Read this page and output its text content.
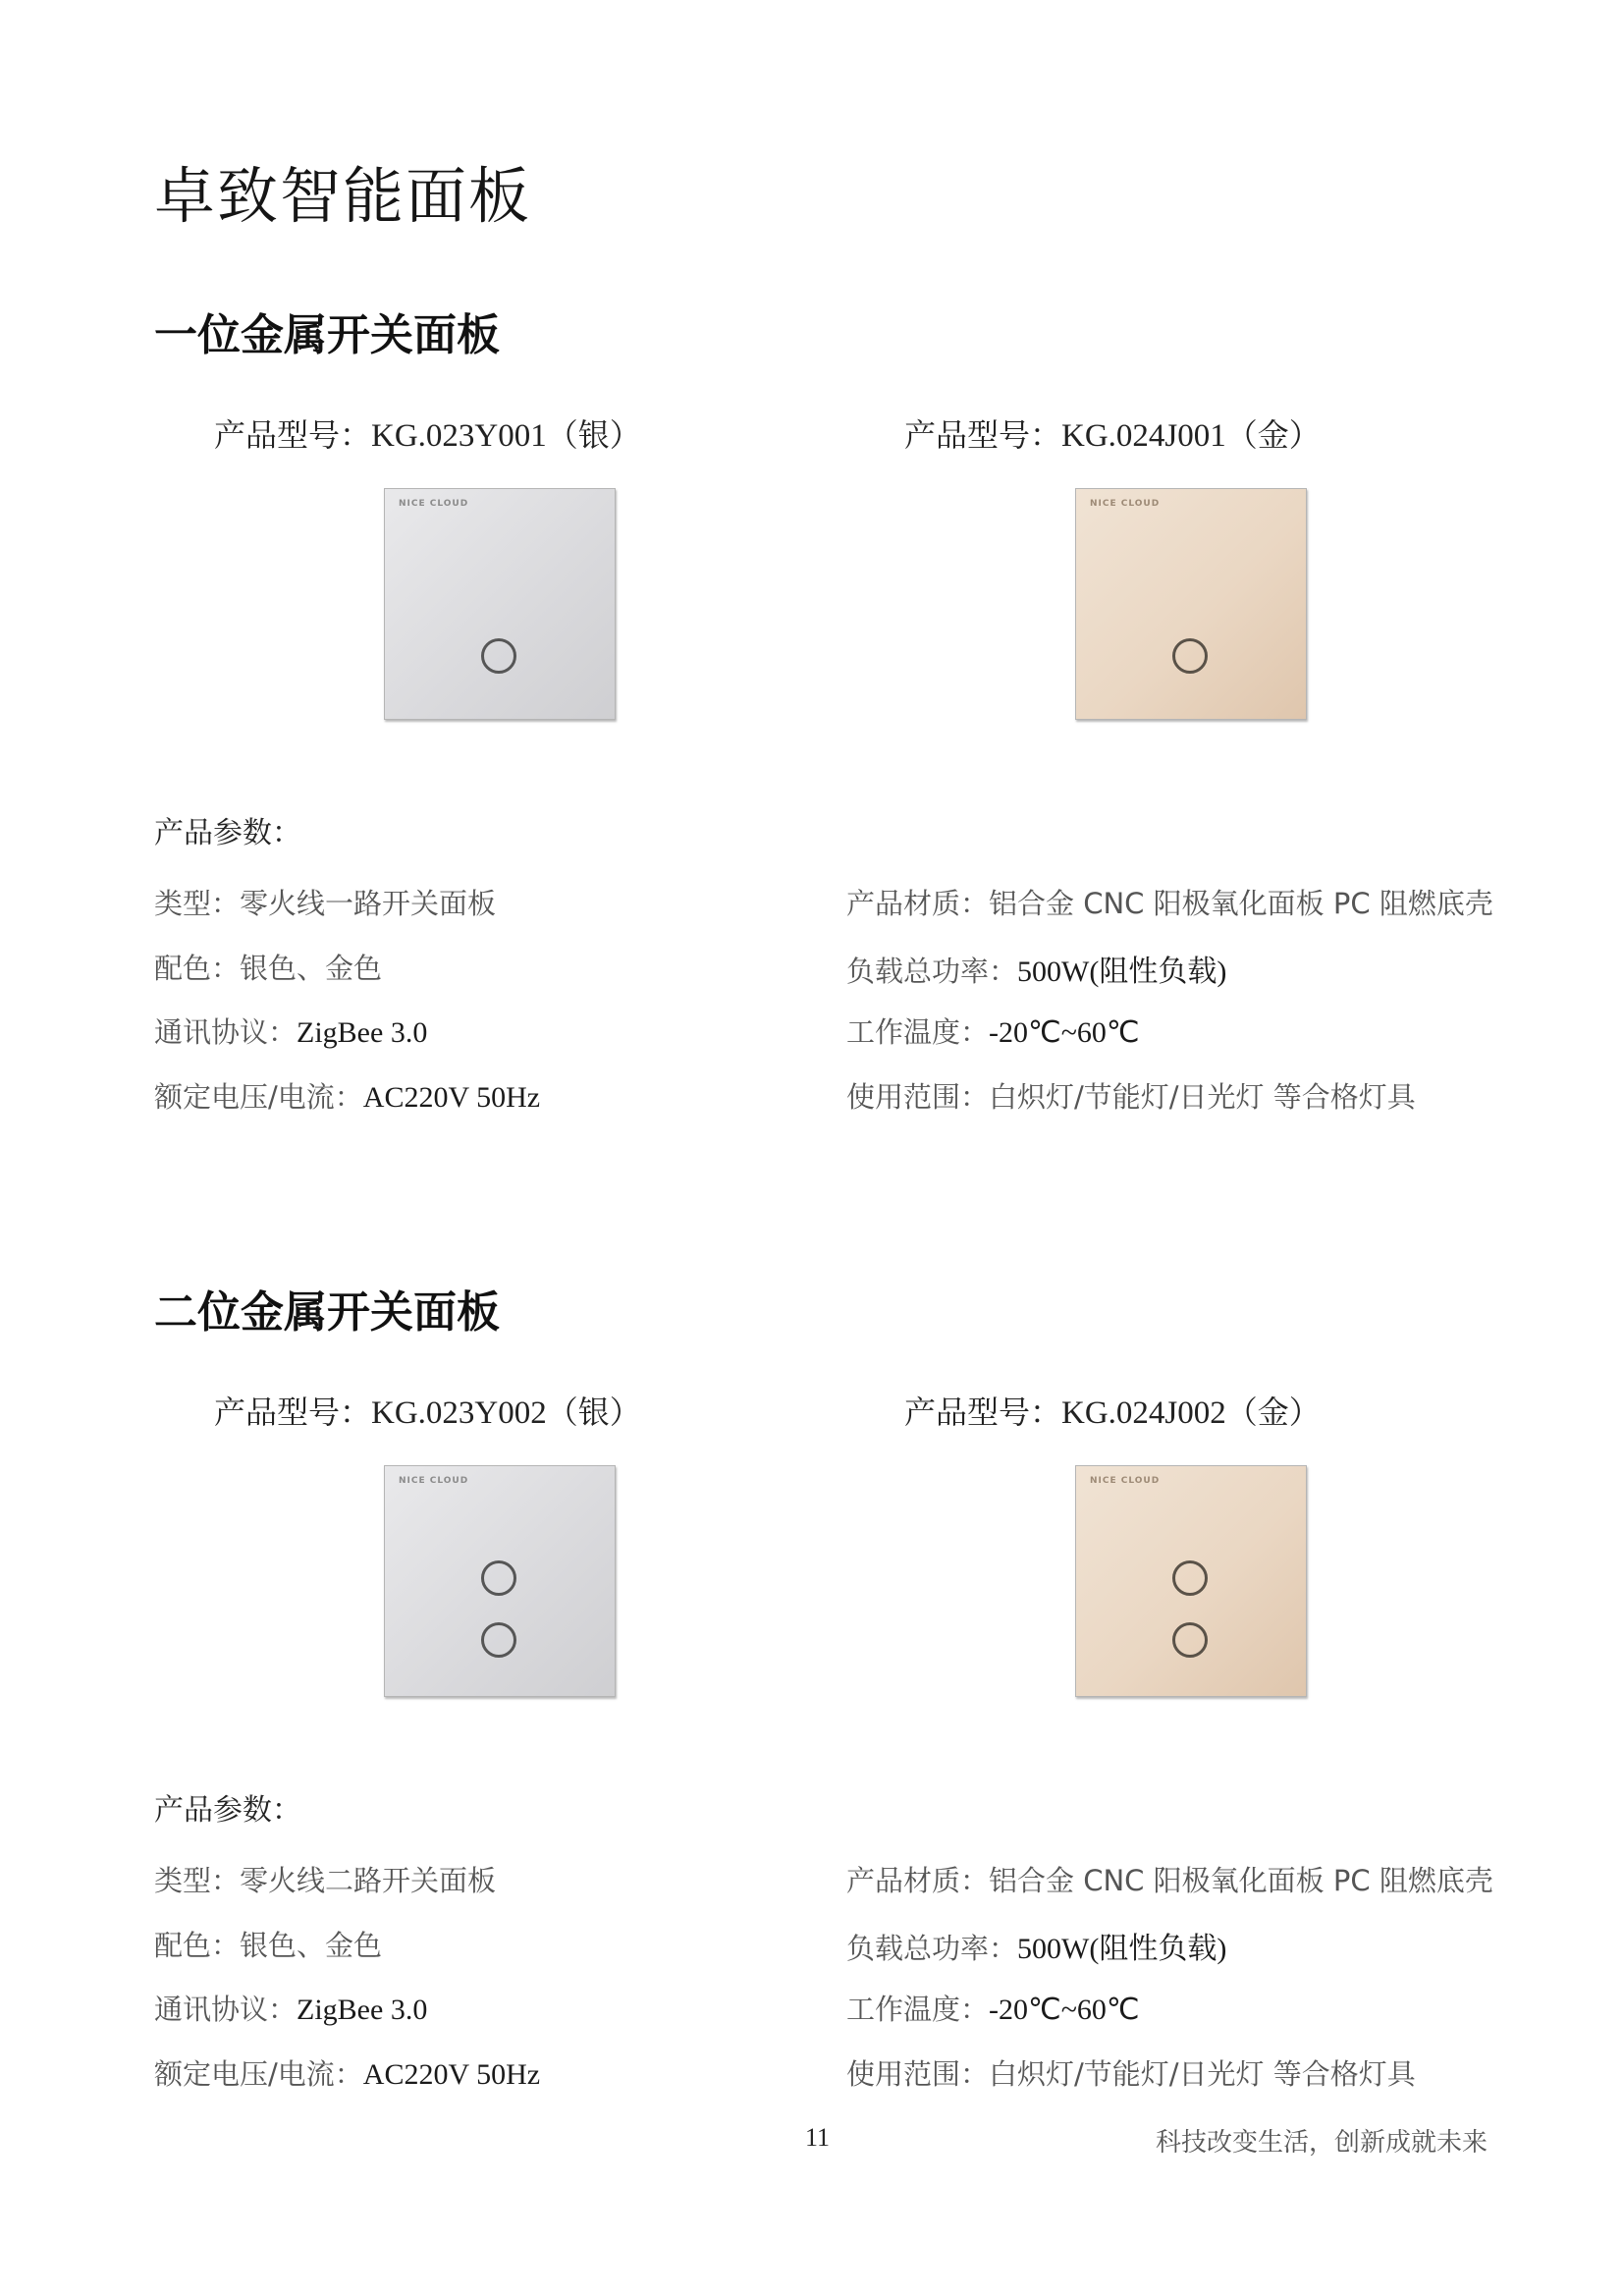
卓致智能面板
一位金属开关面板
产品型号：KG.023Y001（银）	产品型号：KG.024J001（金）
NICE CLOUD	NICE CLOUD
产品参数：
类型：零火线一路开关面板
配色：银色、金色
通讯协议：ZigBee 3.0
额定电压/电流：AC220V 50Hz
产品材质：铝合金 CNC 阳极氧化面板 PC 阻燃底壳
负载总功率：500W(阻性负载)
工作温度：-20℃~60℃
使用范围：白炽灯/节能灯/日光灯 等合格灯具
二位金属开关面板
产品型号：KG.023Y002（银）	产品型号：KG.024J002（金）
NICE CLOUD	NICE CLOUD
产品参数：
类型：零火线二路开关面板
配色：银色、金色
通讯协议：ZigBee 3.0
额定电压/电流：AC220V 50Hz
产品材质：铝合金 CNC 阳极氧化面板 PC 阻燃底壳
负载总功率：500W(阻性负载)
工作温度：-20℃~60℃
使用范围：白炽灯/节能灯/日光灯 等合格灯具
11	科技改变生活，创新成就未来
